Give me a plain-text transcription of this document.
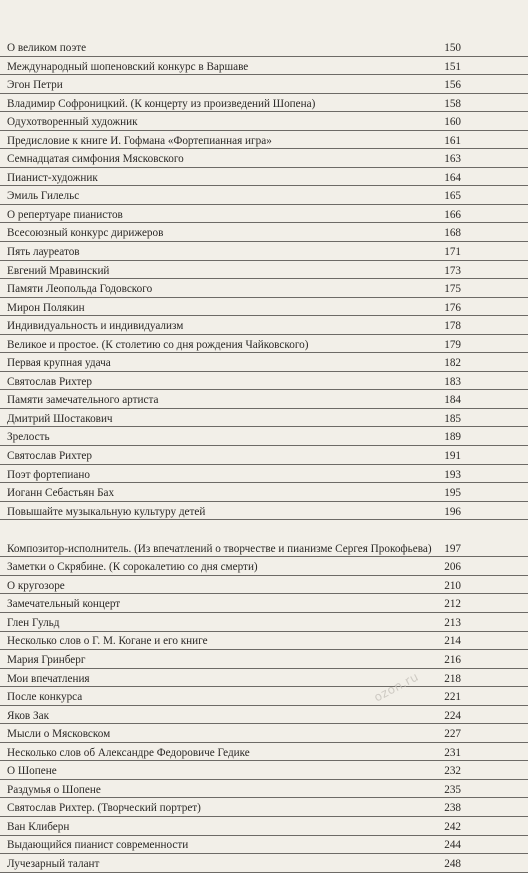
О великом поэте	150
Международный шопеновский конкурс в Варшаве	151
Эгон Петри	156
Владимир Софроницкий. (К концерту из произведений Шопена)	158
Одухотворенный художник	160
Предисловие к книге И. Гофмана «Фортепианная игра»	161
Семнадцатая симфония Мясковского	163
Пианист-художник	164
Эмиль Гилельс	165
О репертуаре пианистов	166
Всесоюзный конкурс дирижеров	168
Пять лауреатов	171
Евгений Мравинский	173
Памяти Леопольда Годовского	175
Мирон Полякин	176
Индивидуальность и индивидуализм	178
Великое и простое. (К столетию со дня рождения Чайковского)	179
Первая крупная удача	182
Святослав Рихтер	183
Памяти замечательного артиста	184
Дмитрий Шостакович	185
Зрелость	189
Святослав Рихтер	191
Поэт фортепиано	193
Иоганн Себастьян Бах	195
Повышайте музыкальную культуру детей	196
Композитор-исполнитель. (Из впечатлений о творчестве и пианизме Сергея Прокофьева)	197
Заметки о Скрябине. (К сорокалетию со дня смерти)	206
О кругозоре	210
Замечательный концерт	212
Глен Гульд	213
Несколько слов о Г. М. Когане и его книге	214
Мария Гринберг	216
Мои впечатления	218
После конкурса	221
Яков Зак	224
Мысли о Мясковском	227
Несколько слов об Александре Федоровиче Гедике	231
О Шопене	232
Раздумья о Шопене	235
Святослав Рихтер. (Творческий портрет)	238
Ван Клиберн	242
Выдающийся пианист современности	244
Лучезарный талант	248
ozon.ru
